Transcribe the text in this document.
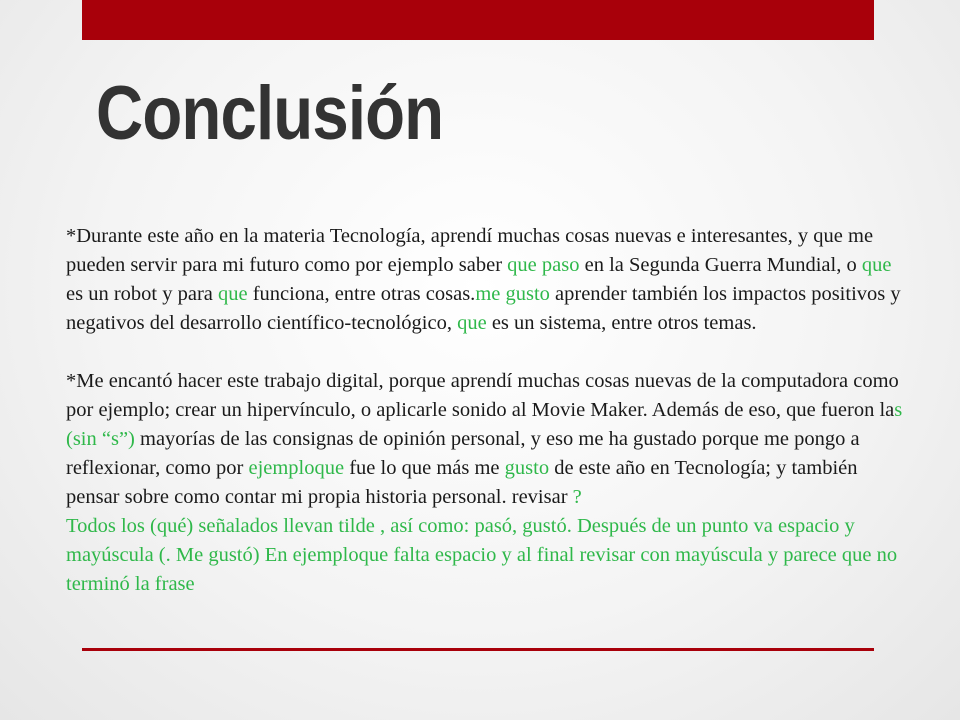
Conclusión

*Durante este año en la materia Tecnología, aprendí muchas cosas nuevas e interesantes, y que me pueden servir para mi futuro como por ejemplo saber que paso en la Segunda Guerra Mundial, o que es un robot y para que funciona, entre otras cosas.me gusto aprender también los impactos positivos y negativos del desarrollo científico-tecnológico, que es un sistema, entre otros temas.

*Me encantó hacer este trabajo digital, porque aprendí muchas cosas nuevas de la computadora como por ejemplo; crear un hipervínculo, o aplicarle sonido al Movie Maker. Además de eso, que fueron las (sin “s”) mayorías de las consignas de opinión personal, y eso me ha gustado porque me pongo a reflexionar, como por ejemploque fue lo que más me gusto de este año en Tecnología; y también pensar sobre como contar mi propia historia personal. revisar ?

Todos los (qué) señalados llevan tilde , así como: pasó, gustó. Después de un punto va espacio y mayúscula (. Me gustó) En ejemploque falta espacio y al final revisar con mayúscula y parece que no terminó la frase
